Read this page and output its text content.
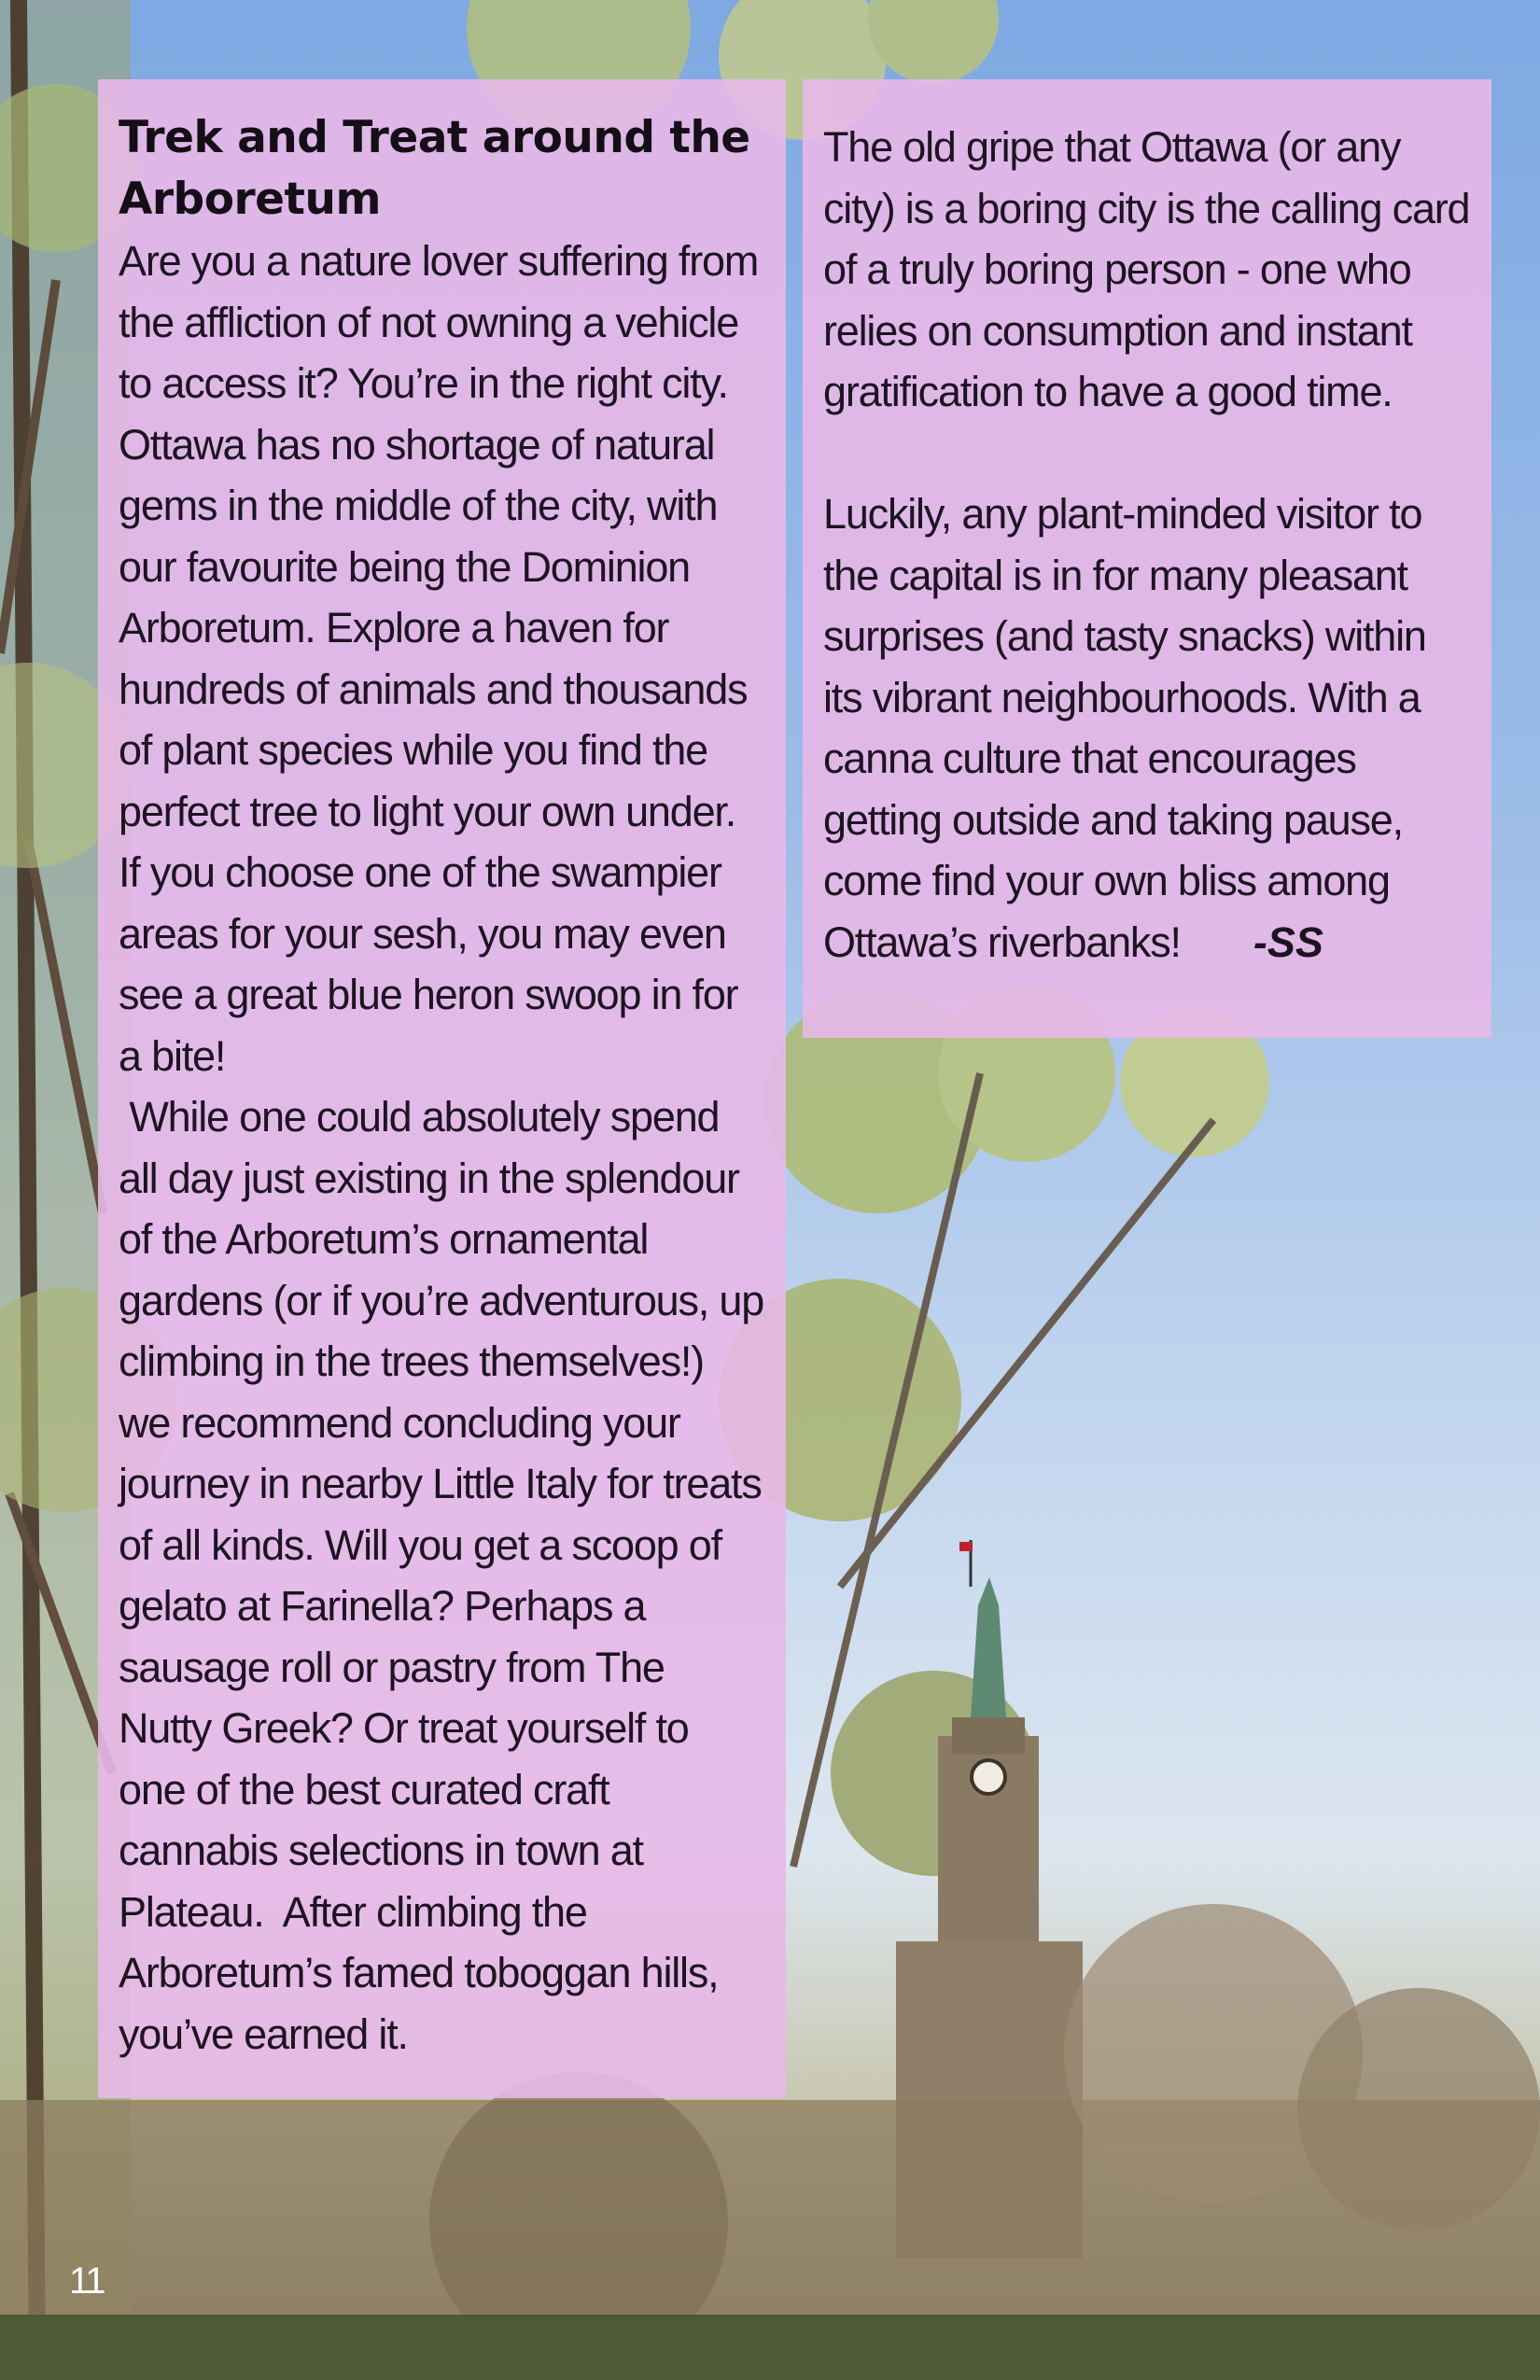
Trek and Treat around the Arboretum

Are you a nature lover suffering from the affliction of not owning a vehicle to access it? You’re in the right city. Ottawa has no shortage of natural gems in the middle of the city, with our favourite being the Dominion Arboretum. Explore a haven for hundreds of animals and thousands of plant species while you find the perfect tree to light your own under. If you choose one of the swampier areas for your sesh, you may even see a great blue heron swoop in for a bite!

While one could absolutely spend all day just existing in the splendour of the Arboretum’s ornamental gardens (or if you’re adventurous, up climbing in the trees themselves!) we recommend concluding your journey in nearby Little Italy for treats of all kinds. Will you get a scoop of gelato at Farinella? Perhaps a sausage roll or pastry from The Nutty Greek? Or treat yourself to one of the best curated craft cannabis selections in town at Plateau.  After climbing the Arboretum’s famed toboggan hills, you’ve earned it.

The old gripe that Ottawa (or any city) is a boring city is the calling card of a truly boring person - one who relies on consumption and instant gratification to have a good time.

Luckily, any plant-minded visitor to the capital is in for many pleasant surprises (and tasty snacks) within its vibrant neighbourhoods. With a canna culture that encourages getting outside and taking pause, come find your own bliss among Ottawa’s riverbanks! -SS

11
